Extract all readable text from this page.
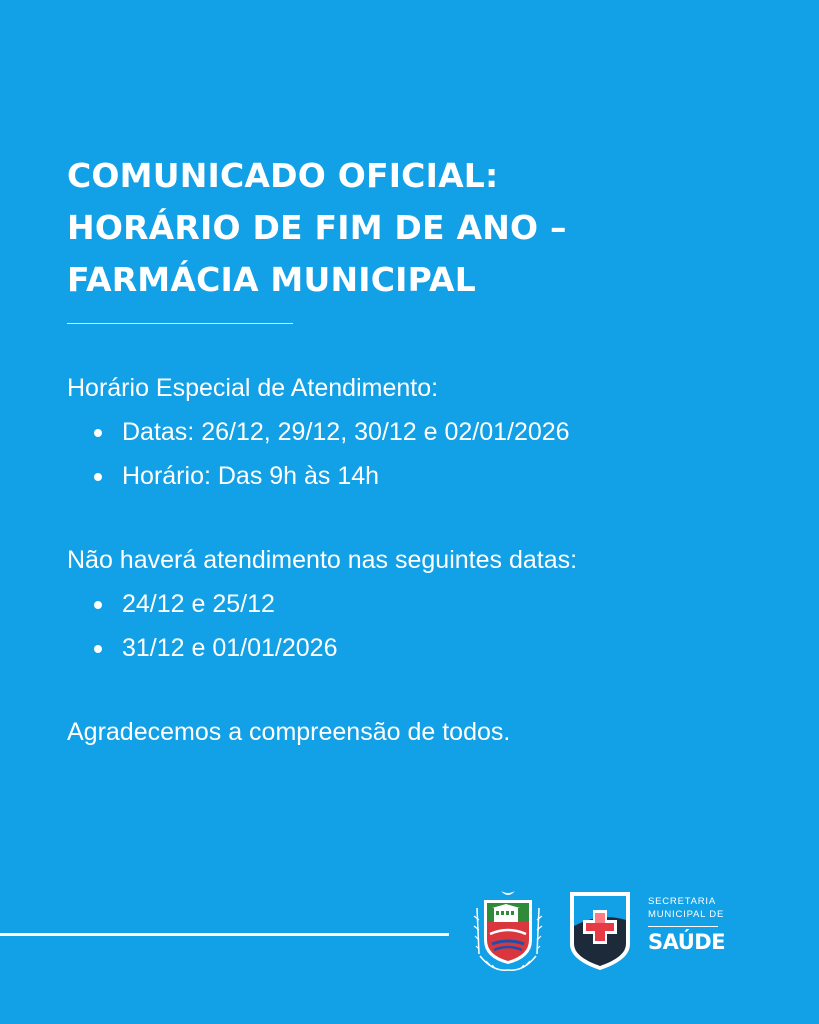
COMUNICADO OFICIAL:
HORÁRIO DE FIM DE ANO –
FARMÁCIA MUNICIPAL

Horário Especial de Atendimento:

Datas: 26/12, 29/12, 30/12 e 02/01/2026
Horário: Das 9h às 14h

Não haverá atendimento nas seguintes datas:

24/12 e 25/12
31/12 e 01/01/2026

Agradecemos a compreensão de todos.

SECRETARIA
MUNICIPAL DE
SAÚDE
